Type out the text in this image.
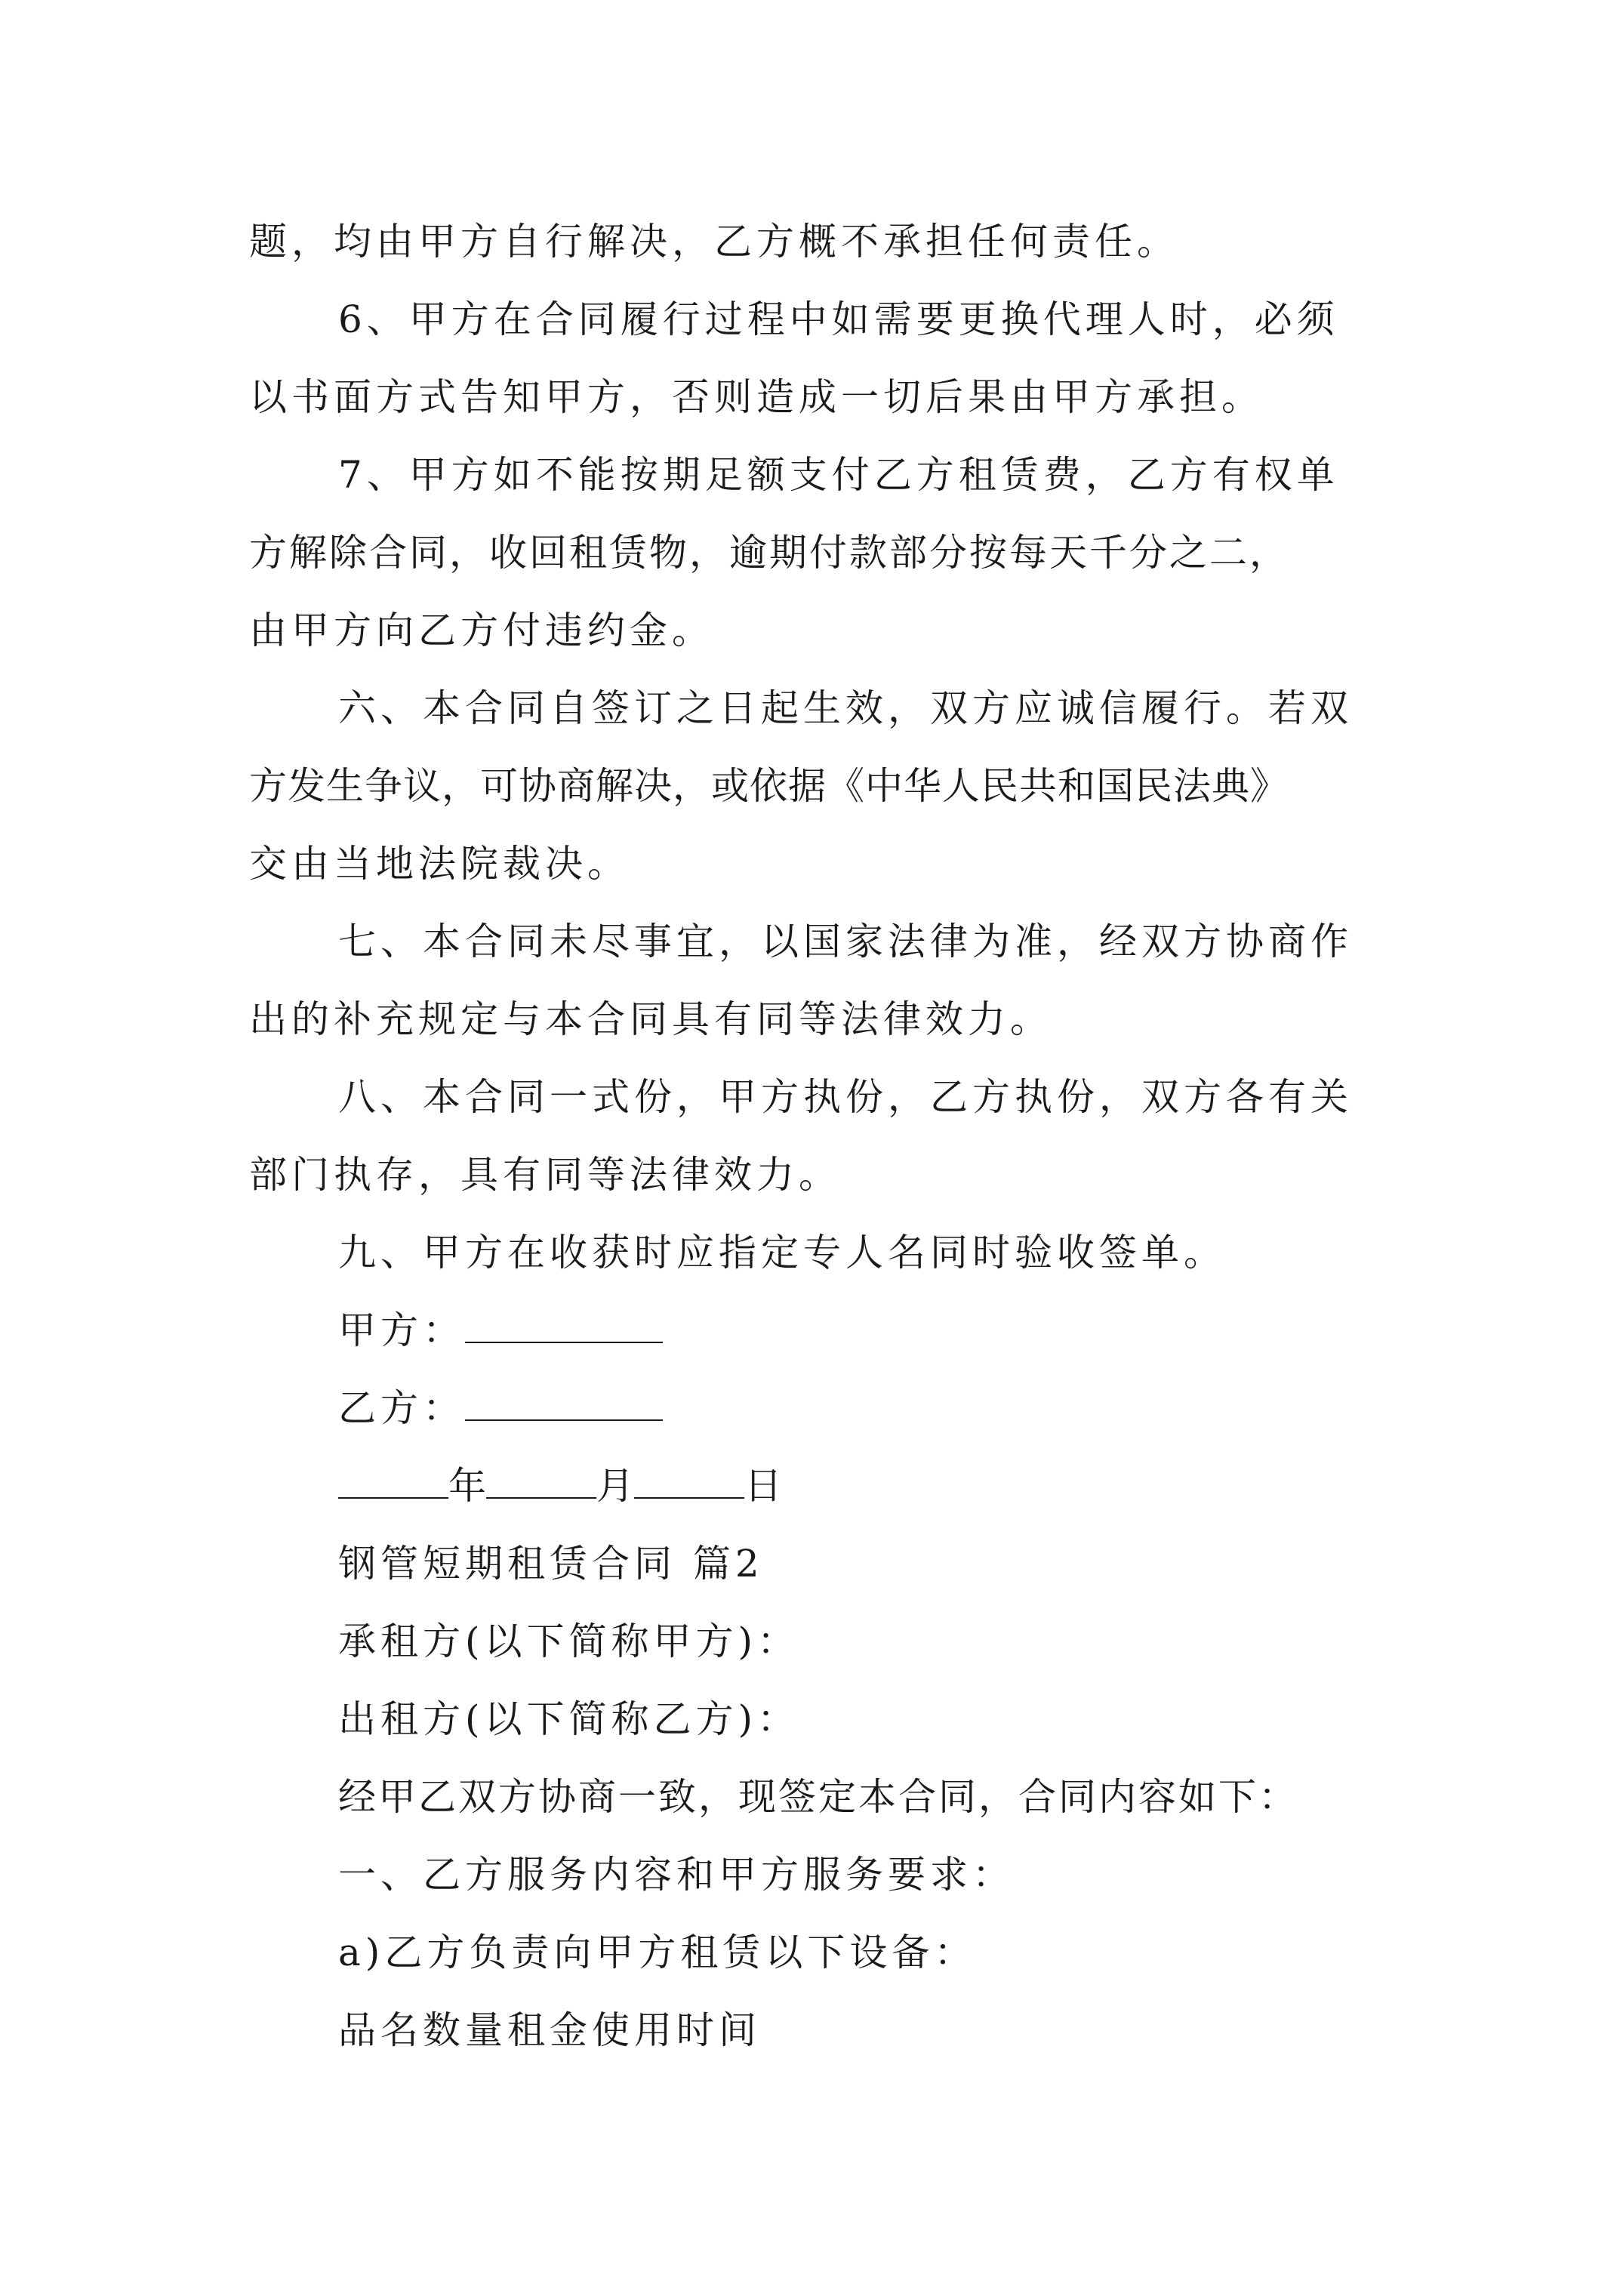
题，均由甲方自行解决，乙方概不承担任何责任。
6、甲方在合同履行过程中如需要更换代理人时，必须
以书面方式告知甲方，否则造成一切后果由甲方承担。
7、甲方如不能按期足额支付乙方租赁费，乙方有权单
方解除合同，收回租赁物，逾期付款部分按每天千分之二，
由甲方向乙方付违约金。
六、本合同自签订之日起生效，双方应诚信履行。若双
方发生争议，可协商解决，或依据《中华人民共和国民法典》
交由当地法院裁决。
七、本合同未尽事宜，以国家法律为准，经双方协商作
出的补充规定与本合同具有同等法律效力。
八、本合同一式份，甲方执份，乙方执份，双方各有关
部门执存，具有同等法律效力。
九、甲方在收获时应指定专人名同时验收签单。
甲方：
乙方：
年	月	日
钢管短期租赁合同 篇2
承租方(以下简称甲方)：
出租方(以下简称乙方)：
经甲乙双方协商一致，现签定本合同，合同内容如下：
一、乙方服务内容和甲方服务要求：
a)乙方负责向甲方租赁以下设备：
品名数量租金使用时间
